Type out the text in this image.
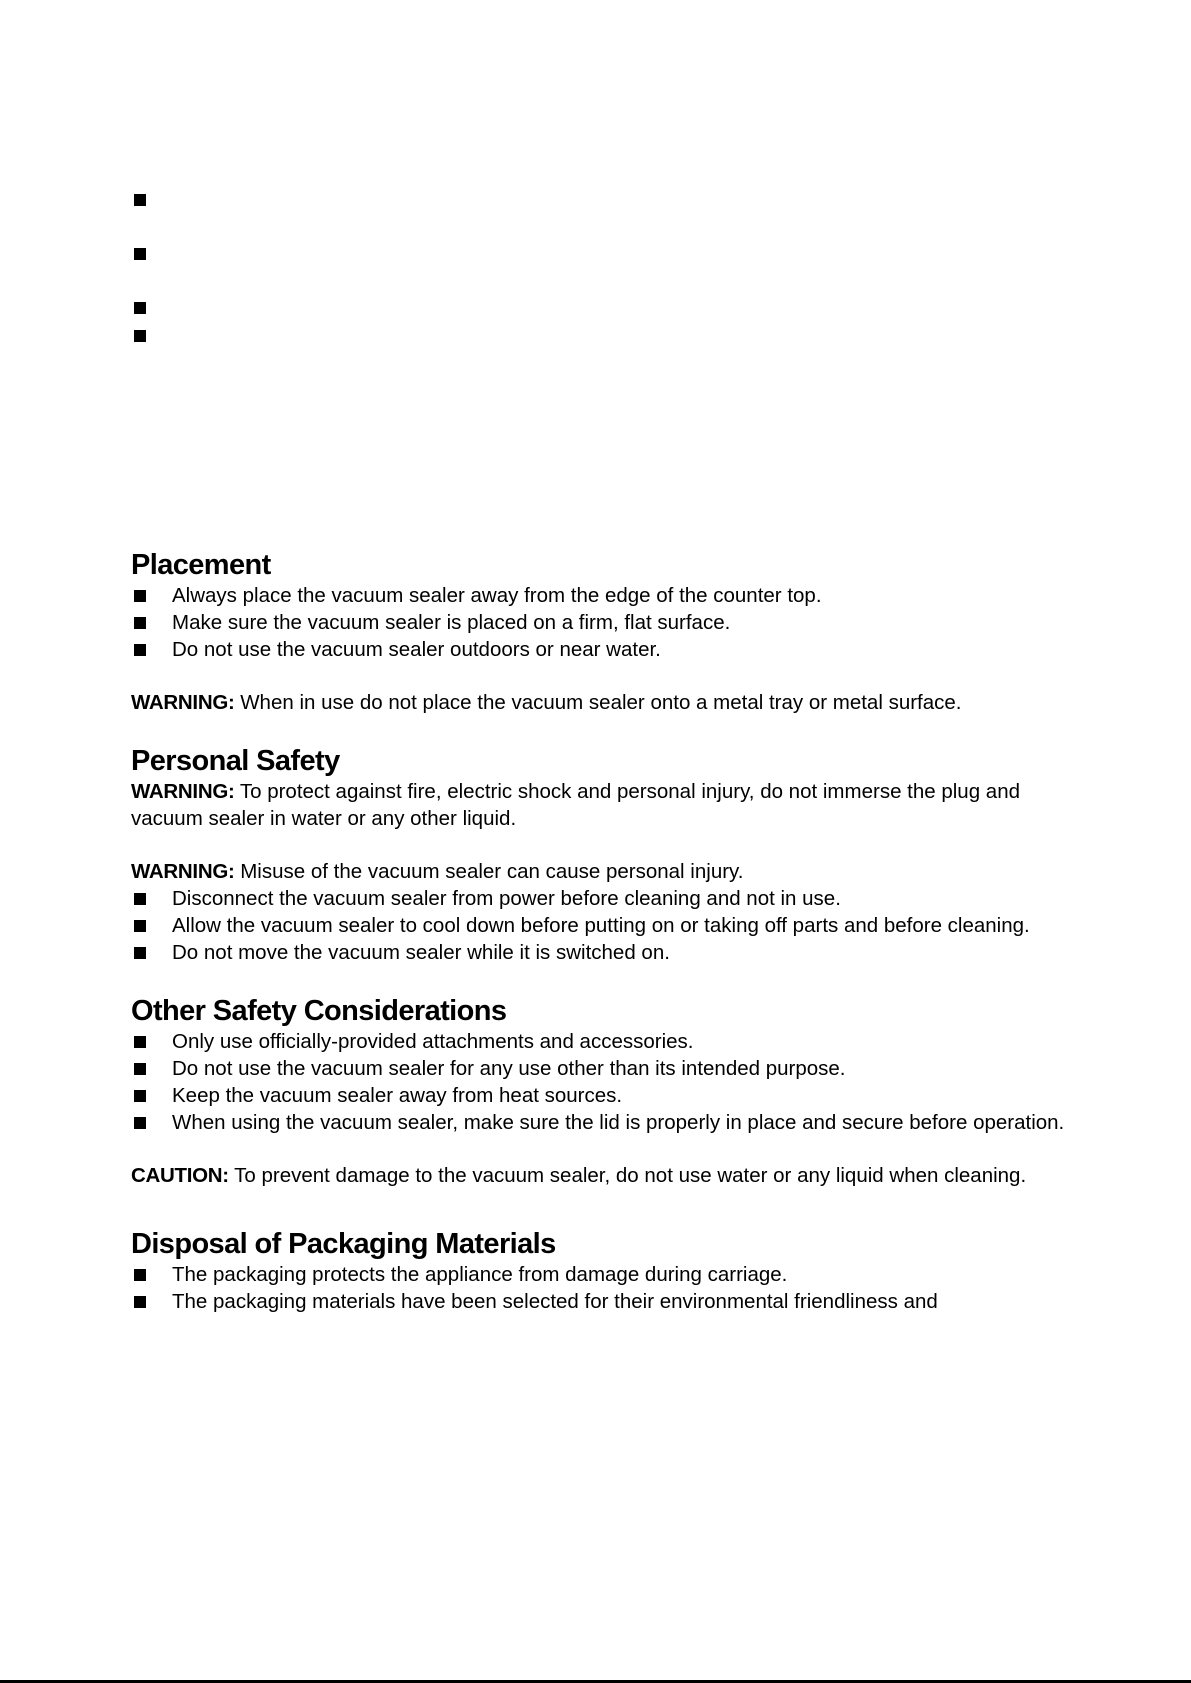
Placement
Always place the vacuum sealer away from the edge of the counter top.
Make sure the vacuum sealer is placed on a firm, flat surface.
Do not use the vacuum sealer outdoors or near water.

WARNING: When in use do not place the vacuum sealer onto a metal tray or metal surface.

Personal Safety

WARNING: To protect against fire, electric shock and personal injury, do not immerse the plug and vacuum sealer in water or any other liquid.

WARNING: Misuse of the vacuum sealer can cause personal injury.

Disconnect the vacuum sealer from power before cleaning and not in use.
Allow the vacuum sealer to cool down before putting on or taking off parts and before cleaning.
Do not move the vacuum sealer while it is switched on.
Other Safety Considerations
Only use officially-provided attachments and accessories.
Do not use the vacuum sealer for any use other than its intended purpose.
Keep the vacuum sealer away from heat sources.
When using the vacuum sealer, make sure the lid is properly in place and secure before operation.

CAUTION: To prevent damage to the vacuum sealer, do not use water or any liquid when cleaning.

Disposal of Packaging Materials
The packaging protects the appliance from damage during carriage.
The packaging materials have been selected for their environmental friendliness and
